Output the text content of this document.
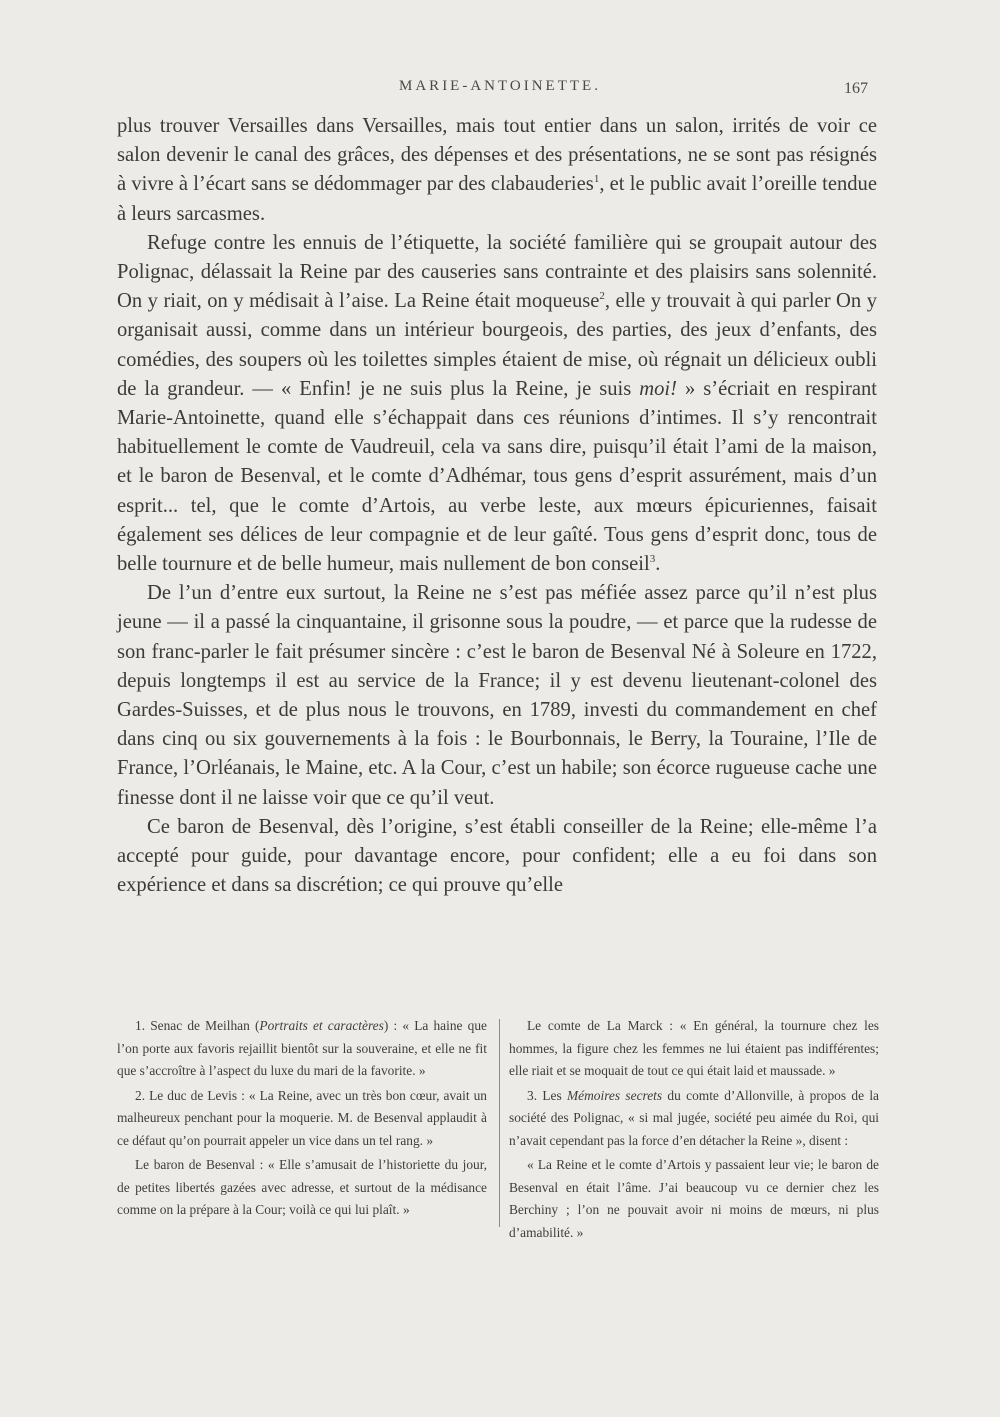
MARIE-ANTOINETTE.	167

plus trouver Versailles dans Versailles, mais tout entier dans un salon, irrités de voir ce salon devenir le canal des grâces, des dépenses et des présentations, ne se sont pas résignés à vivre à l’écart sans se dédommager par des clabauderies$^1$, et le public avait l’oreille tendue à leurs sarcasmes.

Refuge contre les ennuis de l’étiquette, la société familière qui se groupait autour des Polignac, délassait la Reine par des causeries sans contrainte et des plaisirs sans solennité. On y riait, on y médisait à l’aise. La Reine était moqueuse$^2$, elle y trouvait à qui parler On y organisait aussi, comme dans un intérieur bourgeois, des parties, des jeux d’enfants, des comédies, des soupers où les toilettes simples étaient de mise, où régnait un délicieux oubli de la grandeur. — « Enfin! je ne suis plus la Reine, je suis moi! » s’écriait en respirant Marie-Antoinette, quand elle s’échappait dans ces réunions d’intimes. Il s’y rencontrait habituellement le comte de Vaudreuil, cela va sans dire, puisqu’il était l’ami de la maison, et le baron de Besenval, et le comte d’Adhémar, tous gens d’esprit assurément, mais d’un esprit... tel, que le comte d’Artois, au verbe leste, aux mœurs épicuriennes, faisait également ses délices de leur compagnie et de leur gaîté. Tous gens d’esprit donc, tous de belle tournure et de belle humeur, mais nullement de bon conseil$^3$.

De l’un d’entre eux surtout, la Reine ne s’est pas méfiée assez parce qu’il n’est plus jeune — il a passé la cinquantaine, il grisonne sous la poudre, — et parce que la rudesse de son franc-parler le fait présumer sincère : c’est le baron de Besenval Né à Soleure en 1722, depuis longtemps il est au service de la France; il y est devenu lieutenant-colonel des Gardes-Suisses, et de plus nous le trouvons, en 1789, investi du commandement en chef dans cinq ou six gouvernements à la fois : le Bourbonnais, le Berry, la Touraine, l’Ile de France, l’Orléanais, le Maine, etc. A la Cour, c’est un habile; son écorce rugueuse cache une finesse dont il ne laisse voir que ce qu’il veut.

Ce baron de Besenval, dès l’origine, s’est établi conseiller de la Reine; elle-même l’a accepté pour guide, pour davantage encore, pour confident; elle a eu foi dans son expérience et dans sa discrétion; ce qui prouve qu’elle

1. Senac de Meilhan (Portraits et caractères) : « La haine que l’on porte aux favoris rejaillit bientôt sur la souveraine, et elle ne fit que s’accroître à l’aspect du luxe du mari de la favorite. »

2. Le duc de Levis : « La Reine, avec un très bon cœur, avait un malheureux penchant pour la moquerie. M. de Besenval applaudit à ce défaut qu’on pourrait appeler un vice dans un tel rang. »

Le baron de Besenval : « Elle s’amusait de l’historiette du jour, de petites libertés gazées avec adresse, et surtout de la médisance comme on la prépare à la Cour; voilà ce qui lui plaît. »

Le comte de La Marck : « En général, la tournure chez les hommes, la figure chez les femmes ne lui étaient pas indifférentes; elle riait et se moquait de tout ce qui était laid et maussade. »

3. Les Mémoires secrets du comte d’Allonville, à propos de la société des Polignac, « si mal jugée, société peu aimée du Roi, qui n’avait cependant pas la force d’en détacher la Reine », disent :

« La Reine et le comte d’Artois y passaient leur vie; le baron de Besenval en était l’âme. J’ai beaucoup vu ce dernier chez les Berchiny ; l’on ne pouvait avoir ni moins de mœurs, ni plus d’amabilité. »
